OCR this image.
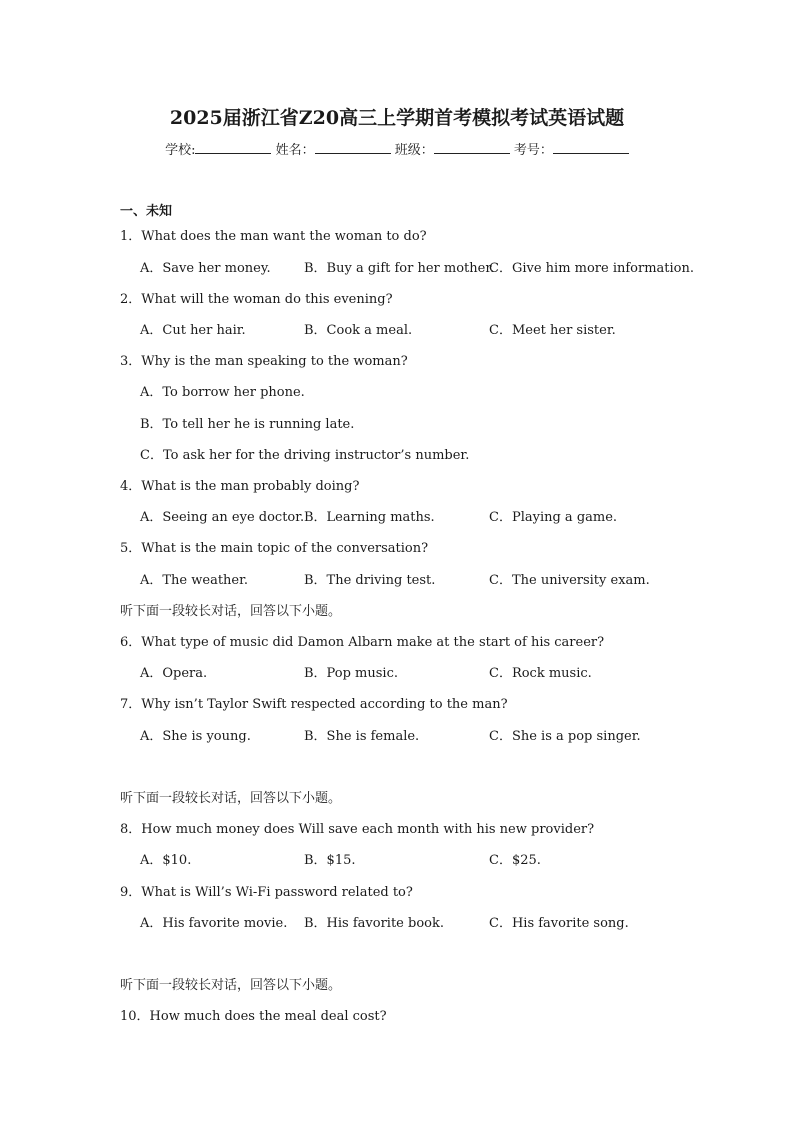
2025届浙江省Z20高三上学期首考模拟考试英语试题
学校:	姓名：	班级：	考号：
一、未知
1．What does the man want the woman to do?
A．Save her money.	B．Buy a gift for her mother.
C．Give him more information.
2．What will the woman do this evening?
A．Cut her hair.	B．Cook a meal.	C．Meet her sister.
3．Why is the man speaking to the woman?
A．To borrow her phone.
B．To tell her he is running late.
C．To ask her for the driving instructor’s number.
4．What is the man probably doing?
A．Seeing an eye doctor. B．Learning maths.	C．Playing a game.
5．What is the main topic of the conversation?
A．The weather.	B．The driving test.	C．The university exam.
听下面一段较长对话，回答以下小题。
6．What type of music did Damon Albarn make at the start of his career?
A．Opera.	B．Pop music.	C．Rock music.
7．Why isn’t Taylor Swift respected according to the man?
A．She is young.	B．She is female.	C．She is a pop singer.
听下面一段较长对话，回答以下小题。
8．How much money does Will save each month with his new provider?
A．$10.	B．$15.	C．$25.
9．What is Will’s Wi-Fi password related to?
A．His favorite movie. B．His favorite book.	C．His favorite song.
听下面一段较长对话，回答以下小题。
10．How much does the meal deal cost?
